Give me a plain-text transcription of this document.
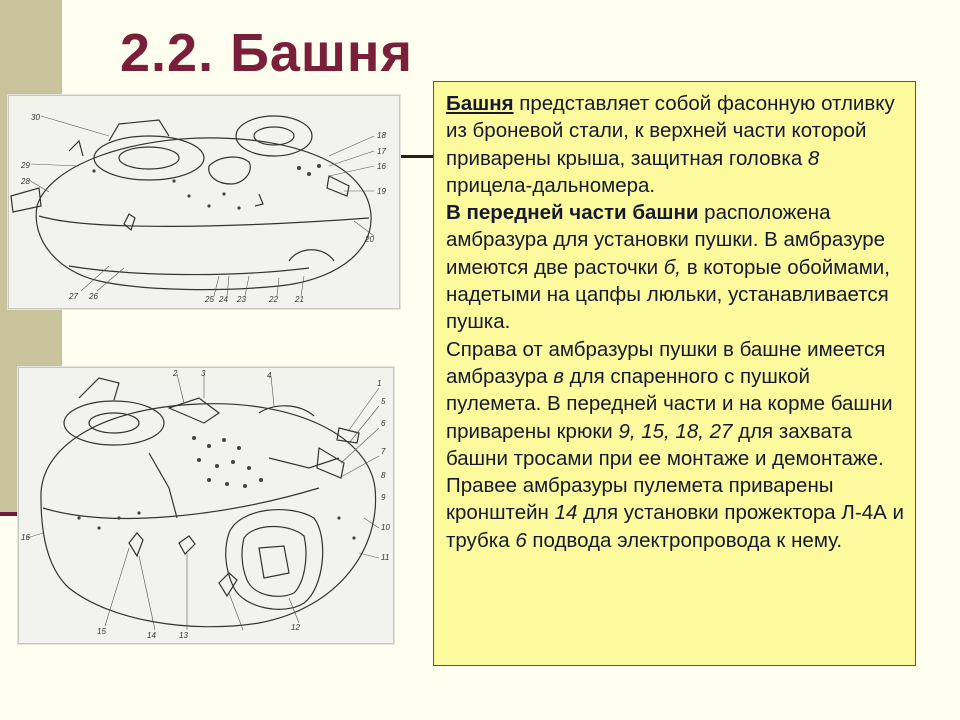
2.2. Башня
30
29
28
18
17
16
19
20
27 26	25 24 23	22 21
1
2	3	4
5
6
7
8
9
10
11
12
13
14
15
16

Башня представляет собой фасонную отливку из броневой стали, к верхней части которой приварены крыша, защитная головка 8 прицела-дальномера.

В передней части башни расположена амбразура для установки пушки. В амбразуре имеются две расточки б, в которые обоймами, надетыми на цапфы люльки, устанавливается пушка.

Справа от амбразуры пушки в башне имеется амбразура в для спаренного с пушкой пулемета. В передней части и на корме башни приварены крюки 9, 15, 18, 27 для захвата башни тросами при ее монтаже и демонтаже.

Правее амбразуры пулемета приварены кронштейн 14 для установки прожектора Л-4А и трубка 6 подвода электропровода к нему.
